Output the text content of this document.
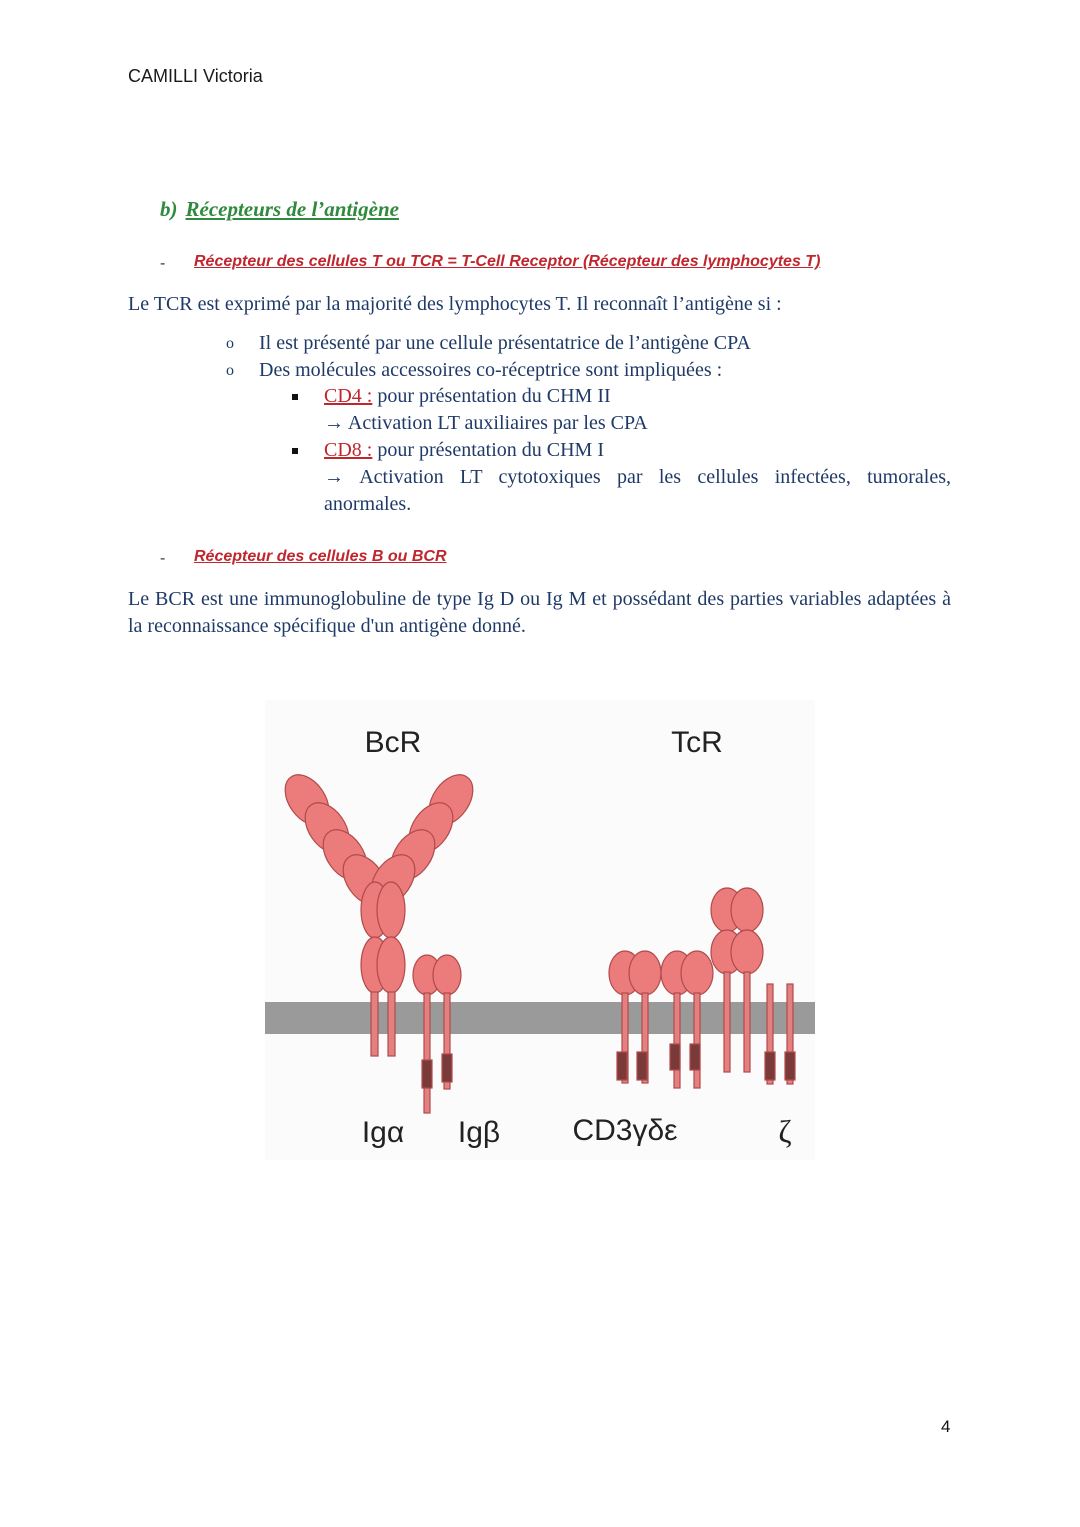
CAMILLI Victoria
b) Récepteurs de l’antigène
- Récepteur des cellules T ou TCR = T-Cell Receptor (Récepteur des lymphocytes T)
Le TCR est exprimé par la majorité des lymphocytes T. Il reconnaît l’antigène si :
o Il est présenté par une cellule présentatrice de l’antigène CPA
o Des molécules accessoires co-réceptrice sont impliquées :
CD4 : pour présentation du CHM II
→ Activation LT auxiliaires par les CPA
CD8 : pour présentation du CHM I
→ Activation LT cytotoxiques par les cellules infectées, tumorales,
anormales.
- Récepteur des cellules B ou BCR
Le BCR est une immunoglobuline de type Ig D ou Ig M et possédant des parties variables adaptées à la reconnaissance spécifique d'un antigène donné.
BcR	TcR
Igα Igβ CD3γδε	ζ
4
